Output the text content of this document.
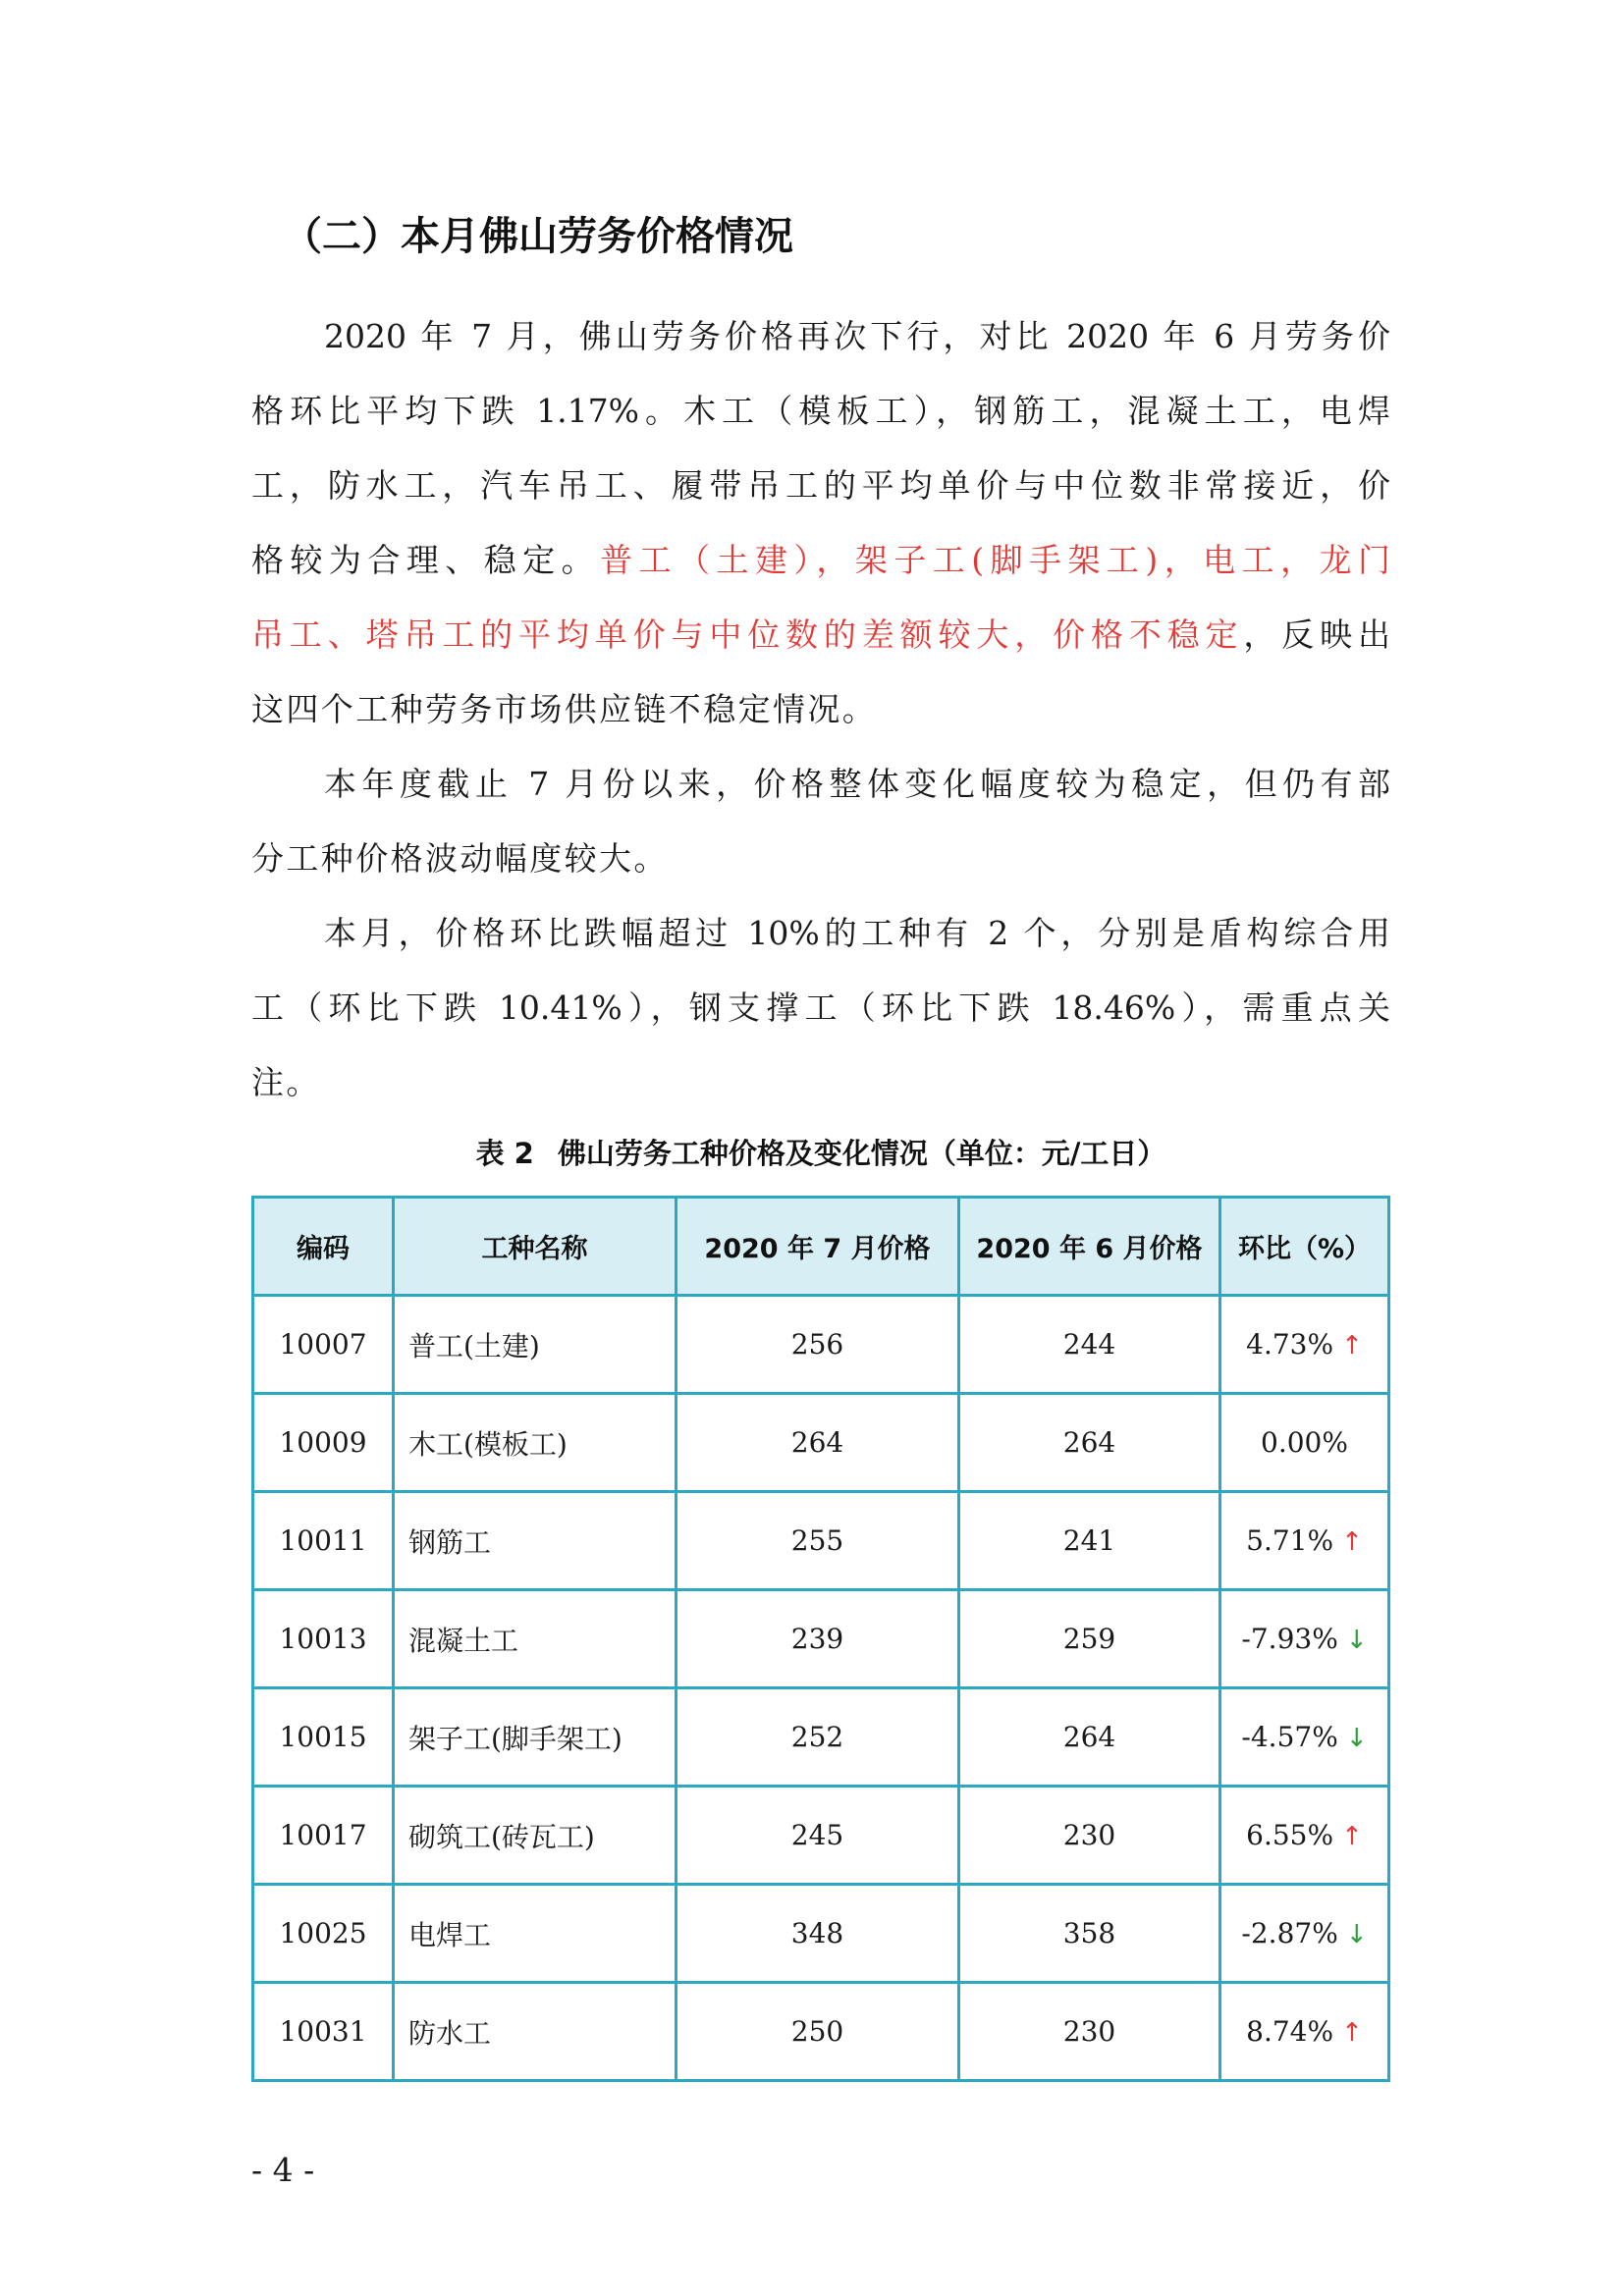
（二）本月佛山劳务价格情况
2020 年 7 月，佛山劳务价格再次下行，对比 2020 年 6 月劳务价
格环比平均下跌 1.17%。木工（模板工），钢筋工，混凝土工，电焊
工，防水工，汽车吊工、履带吊工的平均单价与中位数非常接近，价
格较为合理、稳定。普工（土建），架子工(脚手架工)，电工，龙门
吊工、塔吊工的平均单价与中位数的差额较大，价格不稳定，反映出
这四个工种劳务市场供应链不稳定情况。
本年度截止 7 月份以来，价格整体变化幅度较为稳定，但仍有部
分工种价格波动幅度较大。
本月，价格环比跌幅超过 10%的工种有 2 个，分别是盾构综合用
工（环比下跌 10.41%），钢支撑工（环比下跌 18.46%），需重点关
注。
表 2 佛山劳务工种价格及变化情况（单位：元/工日）
编码	工种名称	2020 年 7 月价格	2020 年 6 月价格	环比（%）
10007	普工(土建)	256	244	4.73% ↑
10009	木工(模板工)	264	264	0.00%
10011	钢筋工	255	241	5.71% ↑
10013	混凝土工	239	259	-7.93% ↓
10015	架子工(脚手架工)	252	264	-4.57% ↓
10017	砌筑工(砖瓦工)	245	230	6.55% ↑
10025	电焊工	348	358	-2.87% ↓
10031	防水工	250	230	8.74% ↑
- 4 -
